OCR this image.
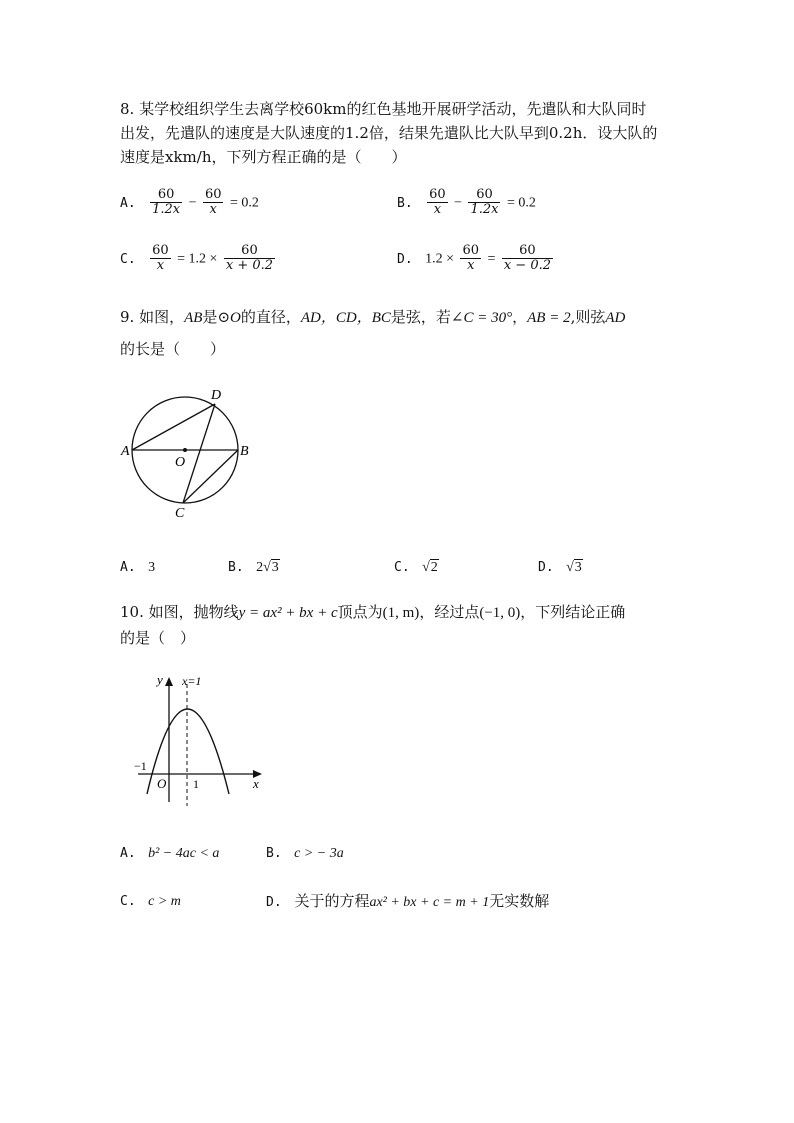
8. 某学校组织学生去离学校60km的红色基地开展研学活动，先遣队和大队同时
出发，先遣队的速度是大队速度的1.2倍，结果先遣队比大队早到0.2h．设大队的
速度是xkm/h，下列方程正确的是（　　）
A. $\frac{60}{1.2x} - \frac{60}{x} = 0.2$	B. $\frac{60}{x} - \frac{60}{1.2x} = 0.2$
C. $\frac{60}{x} = 1.2 \times \frac{60}{x + 0.2}$	D. $1.2 \times \frac{60}{x} = \frac{60}{x - 0.2}$
9. 如图，AB是⊙O的直径，AD，CD，BC是弦，若∠C = 30°，AB = 2,则弦AD
的长是（　　）
A	B
C
D
O
A. 3	B. 2√3	C. √2	D. √3
10. 如图，抛物线y = ax² + bx + c顶点为(1, m)，经过点(−1, 0)，下列结论正确
的是（　）
y x=1
−1
O 1	x
A. b² − 4ac < a	B. c > − 3a
C. c > m	D. 关于的方程ax² + bx + c = m + 1无实数解
